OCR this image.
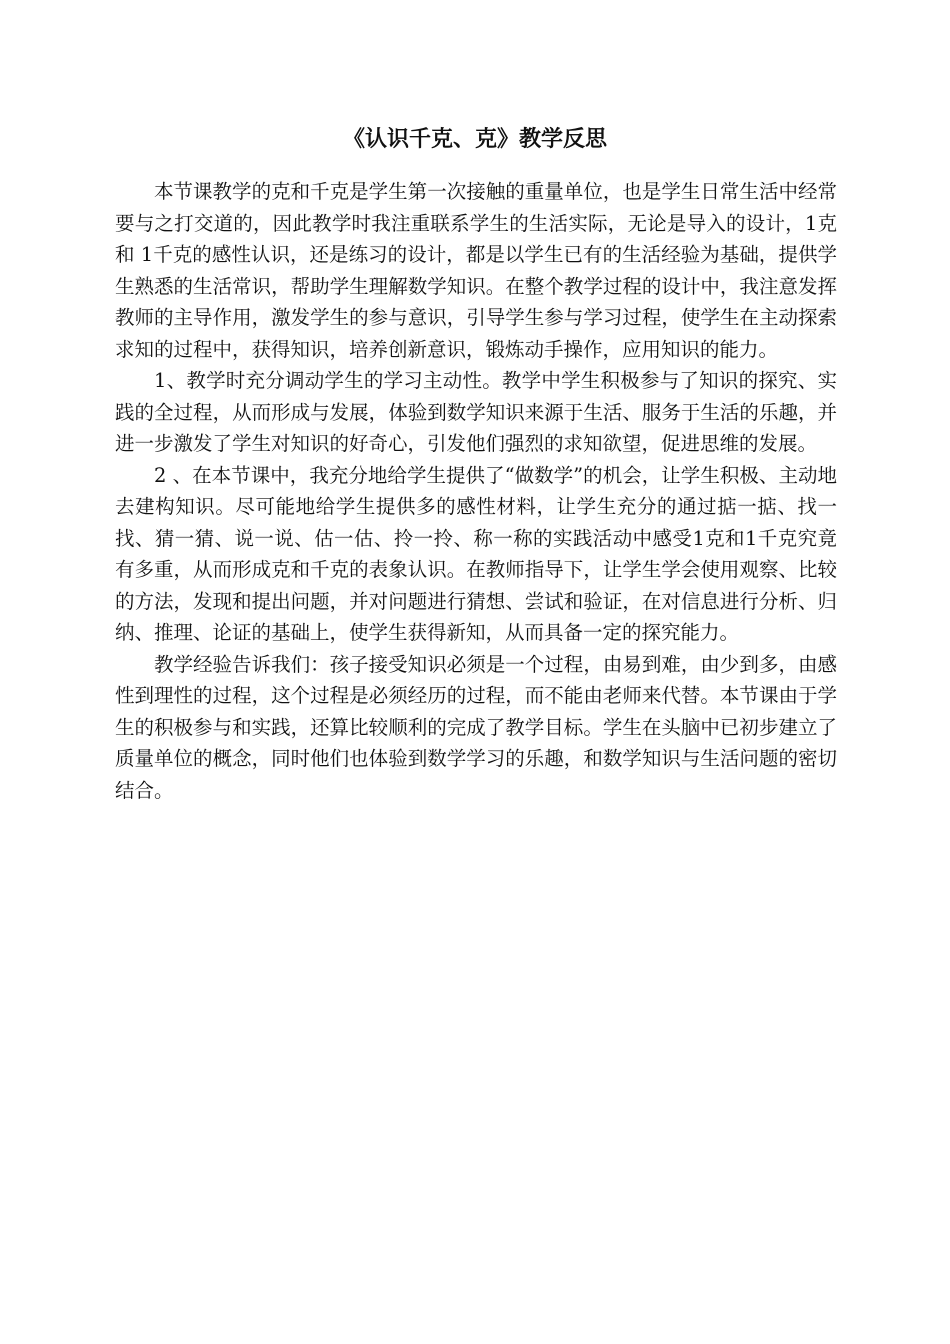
《认识千克、克》教学反思

本节课教学的克和千克是学生第一次接触的重量单位，也是学生日常生活中经常要与之打交道的，因此教学时我注重联系学生的生活实际，无论是导入的设计，1克和 1千克的感性认识，还是练习的设计，都是以学生已有的生活经验为基础，提供学生熟悉的生活常识，帮助学生理解数学知识。在整个教学过程的设计中，我注意发挥教师的主导作用，激发学生的参与意识，引导学生参与学习过程，使学生在主动探索求知的过程中，获得知识，培养创新意识，锻炼动手操作，应用知识的能力。

1、教学时充分调动学生的学习主动性。教学中学生积极参与了知识的探究、实践的全过程，从而形成与发展，体验到数学知识来源于生活、服务于生活的乐趣，并进一步激发了学生对知识的好奇心，引发他们强烈的求知欲望，促进思维的发展。

2 、在本节课中，我充分地给学生提供了“做数学”的机会，让学生积极、主动地去建构知识。尽可能地给学生提供多的感性材料，让学生充分的通过掂一掂、找一找、猜一猜、说一说、估一估、拎一拎、称一称的实践活动中感受1克和1千克究竟有多重，从而形成克和千克的表象认识。在教师指导下，让学生学会使用观察、比较的方法，发现和提出问题，并对问题进行猜想、尝试和验证，在对信息进行分析、归纳、推理、论证的基础上，使学生获得新知，从而具备一定的探究能力。

教学经验告诉我们：孩子接受知识必须是一个过程，由易到难，由少到多，由感性到理性的过程，这个过程是必须经历的过程，而不能由老师来代替。本节课由于学生的积极参与和实践，还算比较顺利的完成了教学目标。学生在头脑中已初步建立了质量单位的概念，同时他们也体验到数学学习的乐趣，和数学知识与生活问题的密切结合。
